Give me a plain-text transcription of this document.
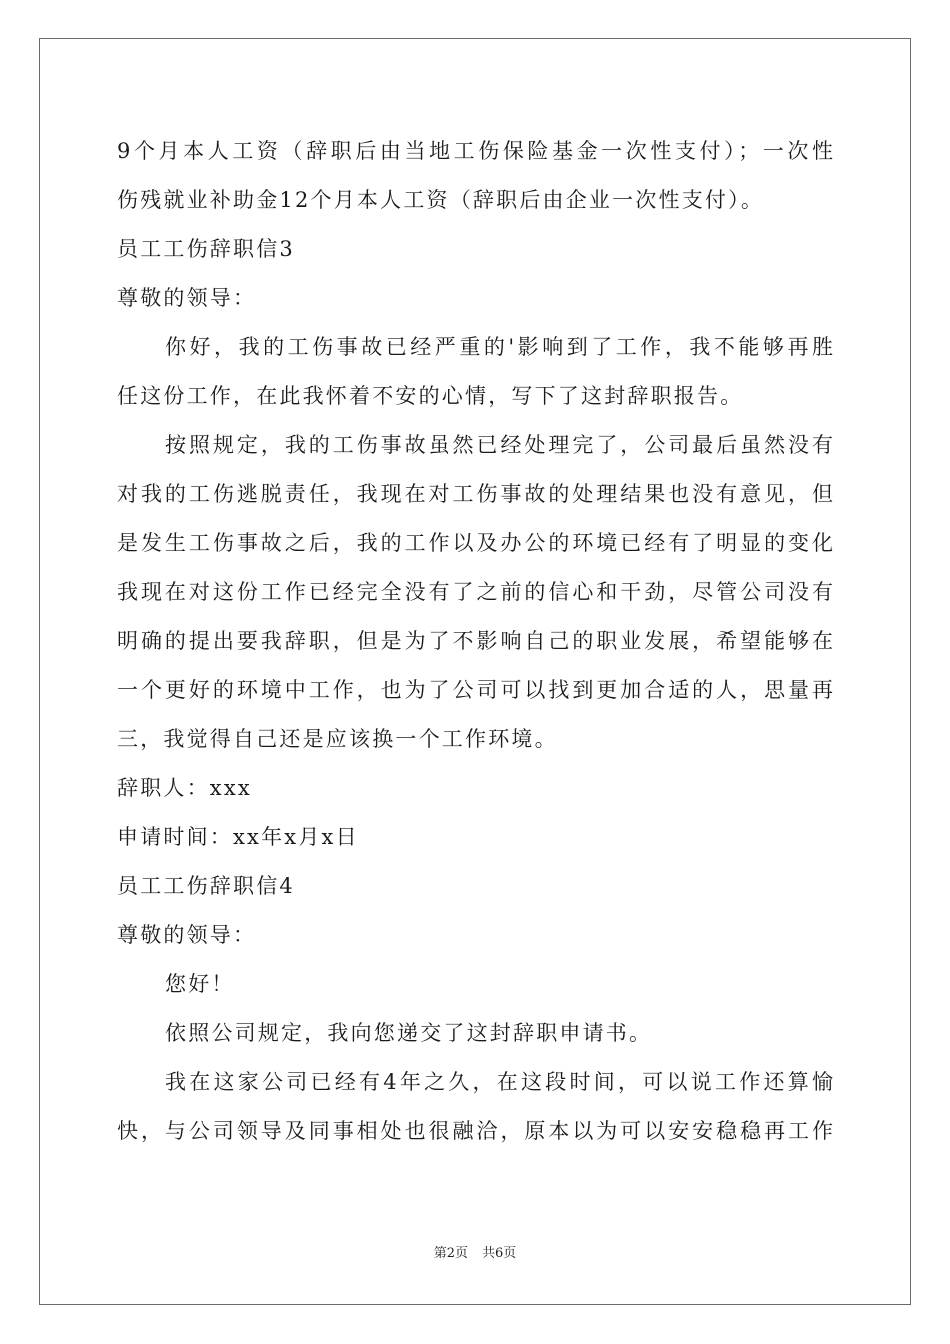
9个月本人工资（辞职后由当地工伤保险基金一次性支付）；一次性
伤残就业补助金12个月本人工资（辞职后由企业一次性支付）。
员工工伤辞职信3
尊敬的领导：
你好，我的工伤事故已经严重的'影响到了工作，我不能够再胜
任这份工作，在此我怀着不安的心情，写下了这封辞职报告。
按照规定，我的工伤事故虽然已经处理完了，公司最后虽然没有
对我的工伤逃脱责任，我现在对工伤事故的处理结果也没有意见，但
是发生工伤事故之后，我的工作以及办公的环境已经有了明显的变化
我现在对这份工作已经完全没有了之前的信心和干劲，尽管公司没有
明确的提出要我辞职，但是为了不影响自己的职业发展，希望能够在
一个更好的环境中工作，也为了公司可以找到更加合适的人，思量再
三，我觉得自己还是应该换一个工作环境。
辞职人：xxx
申请时间：xx年x月x日
员工工伤辞职信4
尊敬的领导：
您好！
依照公司规定，我向您递交了这封辞职申请书。
我在这家公司已经有4年之久，在这段时间，可以说工作还算愉
快，与公司领导及同事相处也很融洽，原本以为可以安安稳稳再工作
第2页 共6页
